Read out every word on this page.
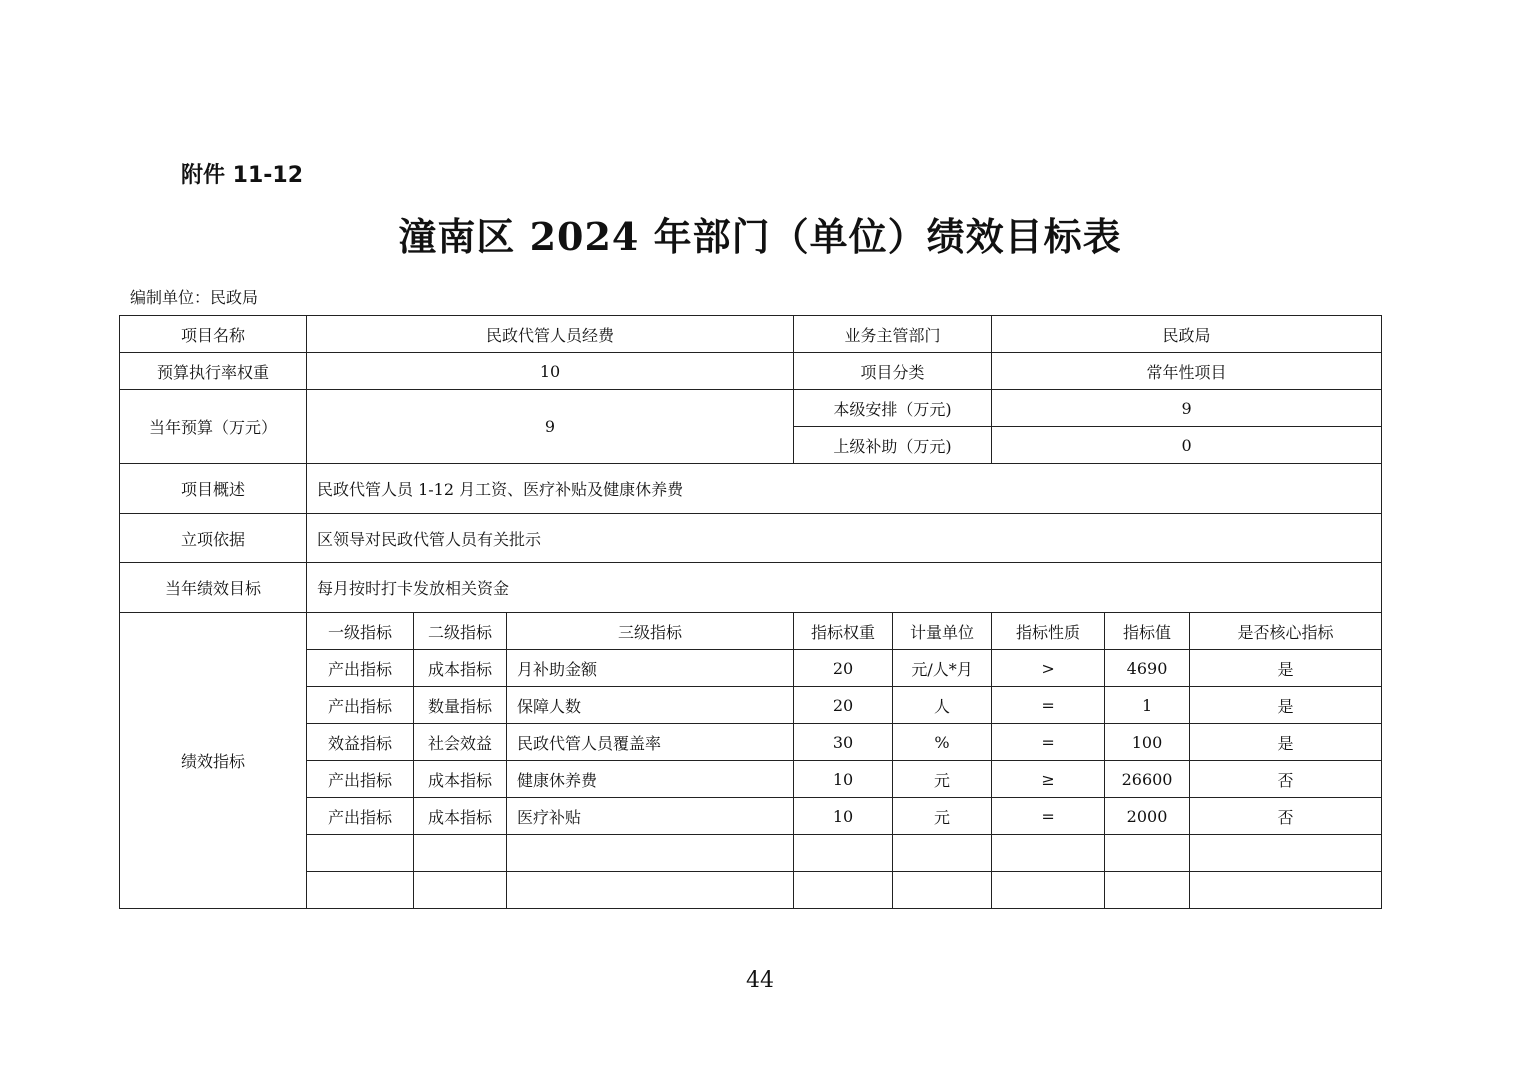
附件 11-12
潼南区 2024 年部门（单位）绩效目标表
编制单位：民政局
项目名称	民政代管人员经费			业务主管部门		民政局		
预算执行率权重	10			项目分类		常年性项目		
当年预算（万元）	9			本级安排（万元)		9		
				上级补助（万元)		0		
项目概述	民政代管人员 1-12 月工资、医疗补贴及健康休养费							
立项依据	区领导对民政代管人员有关批示							
当年绩效目标	每月按时打卡发放相关资金							
绩效指标	一级指标	二级指标	三级指标	指标权重	计量单位	指标性质	指标值	是否核心指标
	产出指标	成本指标	月补助金额	20	元/人*月	>	4690	是
	产出指标	数量指标	保障人数	20	人	=	1	是
	效益指标	社会效益	民政代管人员覆盖率	30	%	=	100	是
	产出指标	成本指标	健康休养费	10	元	≥	26600	否
	产出指标	成本指标	医疗补贴	10	元	=	2000	否

44
